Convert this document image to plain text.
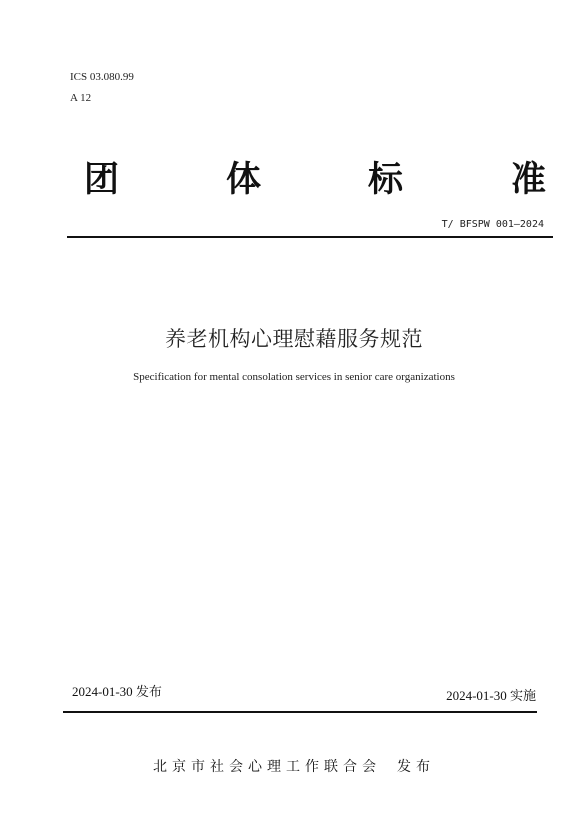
ICS 03.080.99
A 12
团	体	标	准
T/ BFSPW 001—2024
养老机构心理慰藉服务规范
Specification for mental consolation services in senior care organizations
2024-01-30 发布	2024-01-30 实施
北京市社会心理工作联合会 发布
